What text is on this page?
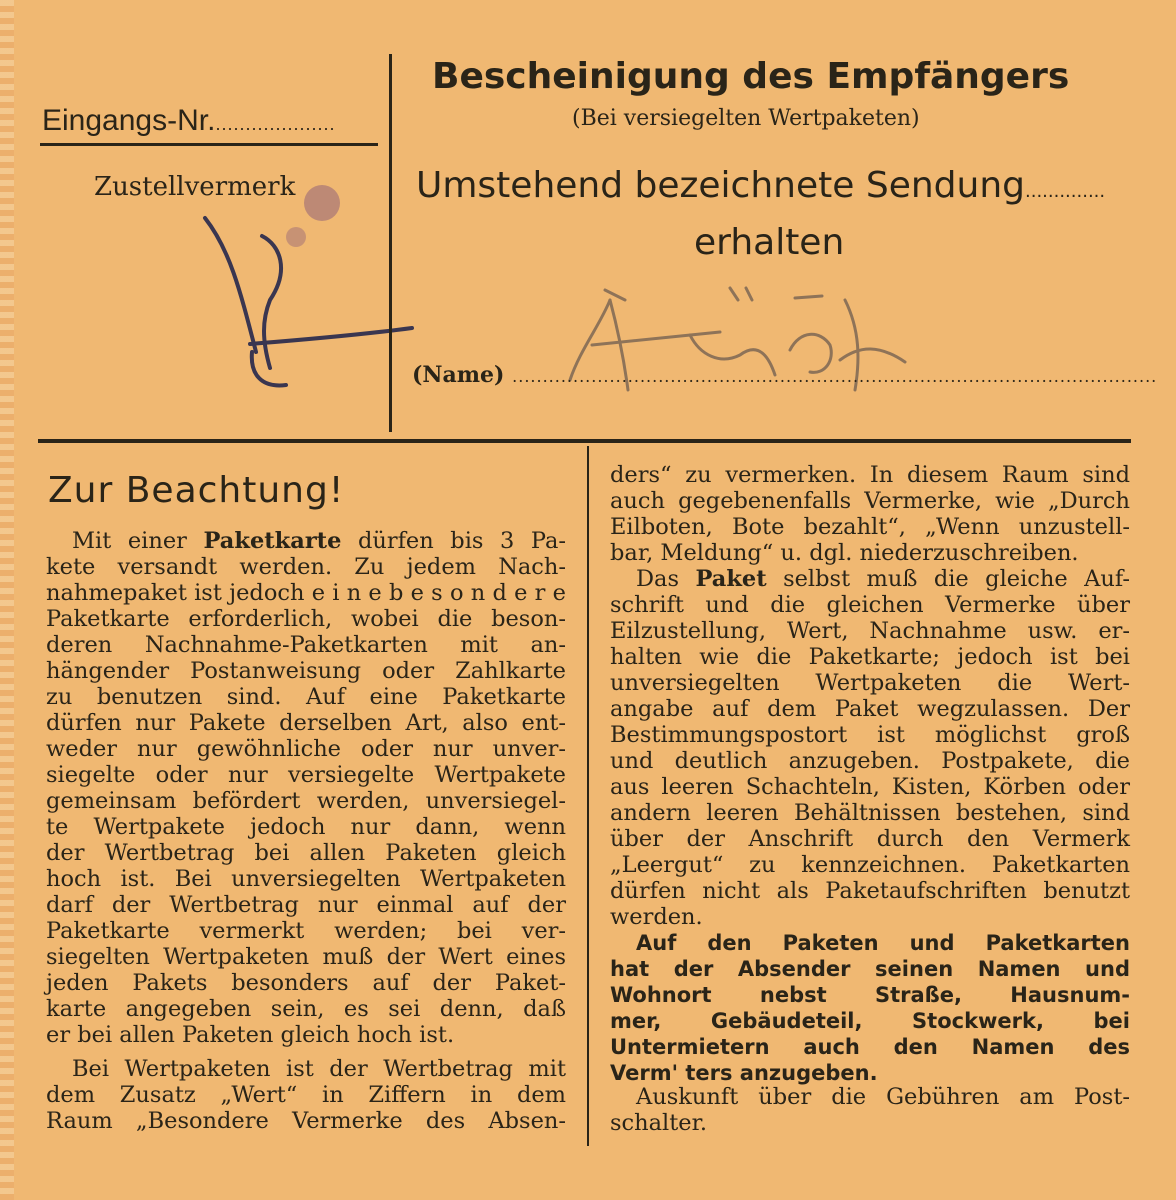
Eingangs-Nr.....................
Zustellvermerk
Bescheinigung des Empfängers
(Bei versiegelten Wertpaketen)
Umstehend bezeichnete Sendung..............
erhalten
(Name) ..........................................................................................................
Zur Beachtung!
Mit einer Paketkarte dürfen bis 3 Pa-
kete versandt werden. Zu jedem Nach-
nahmepaket ist jedoch e i n e b e s o n d e r e
Paketkarte erforderlich, wobei die beson-
deren Nachnahme-Paketkarten mit an-
hängender Postanweisung oder Zahlkarte
zu benutzen sind. Auf eine Paketkarte
dürfen nur Pakete derselben Art, also ent-
weder nur gewöhnliche oder nur unver-
siegelte oder nur versiegelte Wertpakete
gemeinsam befördert werden, unversiegel-
te Wertpakete jedoch nur dann, wenn
der Wertbetrag bei allen Paketen gleich
hoch ist. Bei unversiegelten Wertpaketen
darf der Wertbetrag nur einmal auf der
Paketkarte vermerkt werden; bei ver-
siegelten Wertpaketen muß der Wert eines
jeden Pakets besonders auf der Paket-
karte angegeben sein, es sei denn, daß
er bei allen Paketen gleich hoch ist.
Bei Wertpaketen ist der Wertbetrag mit
dem Zusatz „Wert“ in Ziffern in dem
Raum „Besondere Vermerke des Absen-
ders“ zu vermerken. In diesem Raum sind
auch gegebenenfalls Vermerke, wie „Durch
Eilboten, Bote bezahlt“, „Wenn unzustell-
bar, Meldung“ u. dgl. niederzuschreiben.
Das Paket selbst muß die gleiche Auf-
schrift und die gleichen Vermerke über
Eilzustellung, Wert, Nachnahme usw. er-
halten wie die Paketkarte; jedoch ist bei
unversiegelten Wertpaketen die Wert-
angabe auf dem Paket wegzulassen. Der
Bestimmungspostort ist möglichst groß
und deutlich anzugeben. Postpakete, die
aus leeren Schachteln, Kisten, Körben oder
andern leeren Behältnissen bestehen, sind
über der Anschrift durch den Vermerk
„Leergut“ zu kennzeichnen. Paketkarten
dürfen nicht als Paketaufschriften benutzt
werden.
Auf den Paketen und Paketkarten
hat der Absender seinen Namen und
Wohnort nebst Straße, Hausnum-
mer, Gebäudeteil, Stockwerk, bei
Untermietern auch den Namen des
Verm' ters anzugeben.
Auskunft über die Gebühren am Post-
schalter.
